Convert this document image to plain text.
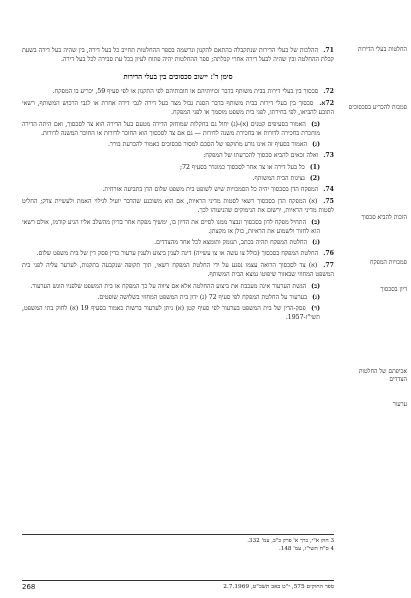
החלטות בעלי הדירות
סמכות להכריע בסכסוכים
הזכות להביא סכסוך
סמכויות המפקח
דיון בסכסוך
אכיפתם של החלטות הצדדים
ערעור

71. ההלכות של בעלי הדירות שנתקבלה בהתאם להקנון ונרשמה בספר ההחלטות תחייב כל בעל דירה, בין שהיה בעל דירה בשעת קבלת ההחלטה ובין שהיה לבעל דירה אחרי קבלתה; ספר ההחלטות יהיה פתוח לעיון בכל עת סבירה לכל בעל דירה.

סימן ד': יישוב סכסוכים בין בעלי הדירות

72. סכסוך בין בעלי דירות בבית משותף בדבר זכויותיהם או חובותיהם לפי התקנון או לפי סעיף 59, יכריע בו המפקח.

72א. סכסוך בין בעלי דירות בבית משותף בדבר הסגת גבול מצד בעל דירה לגבי דירה אחרת או לגבי הרכוש המשותף, רשאי התובע להביאו, לפי בחירתו, לפני בית משפט מוסמך או לפני המפקח.

(ב) האמור בסעיפים קטנים (א)-(ג) יחול גם בחקלות שמוחזק הדירה מטעם בעל הדירה הוא צד לסכסוך, ואם היתה הדירה מוחכרת בחכירה לדורות או בחכירת משנה לדורות — גם אם צד לסכסוך הוא החוכר לדורות או החוכר המשנה לדורות.

(ג) האמור בסעיף זה אינו גורע מתוקפו של הסכם למסור סכסוכים כאמור להכרעת בורר.

73. ואלה זכאים להביא סכסוך להכרעתו של המפקח:

(1) כל בעל דירה או צד אחר לסכסוך כמוגדר בסעיף 72;

(2) נציגות הבית המשותף.

74. המפקח הדן בסכסוך יהיה כל הסמכויות שיש לשופט בית משפט שלום הדן בתביעה אזרחית.

75. (א) המפקח הדן בסכסוך רשאי לסטות מדיני הראיות, אם הוא משוכנע שהדבר יועיל לגילוי האמת ולעשיית צדק; החליט לסטות מדיני הראיות, ירשום את הנימוקים שהניעוהו לכך.

(ב) התחיל מפקח לדון בסכסוך ונבצר ממנו לסיים את הדיון בו, ימשיך מפקח אחר בדיון מהשלב אליו הגיע קודמו, אולם רשאי הוא לחזור ולשמוע את הראיות, כולן או מקצתן.

(ג) החלטת המפקח תהיה בכתב, תנומק ותומצא לכל אחד מהצדדים.

76. החלטת המפקח בסכסוך (כולל צו עשה או צו עשייה) דינה לענין ביצוע ולענין ערעור כדין פסק דין של בית משפט שלום.

77. (א) צד לסכסוך הרואה עצמו נפגע על ידי החלטת המפקח רשאי, תוך תקופה שנקבעה בתקנות, לערער עליה לפני בית המשפט המחוזי שבאזור שיפוטו נמצא הבית המשותף.

(ב) הגשת הערעור אינה מעכבת את ביצוע ההחלטה אלא אם ציווה על כך המפקח או בית המשפט שלפניו הוגש הערעור.

(ג) בערעור על החלטת המפקח לפי סעיף 72 (ג) ידון בית המשפט המחוזי בשלושה שופטים.

(ד) פסק-הדין של בית המשפט בערעור לפי סעיף קטן (א) ניתן לערעור ברשות כאמור בסעיף 19 (א) לחוק בתי המשפט, תשי"ז-1957.

3 חוק א"י, כרך א' פרק כ"ב, עמ' 332.
4 ס"ח תשי"ז, עמ' 148.
ספר החוקים 575, י"ט באב תשכ"ט, 2.7.1969
268
